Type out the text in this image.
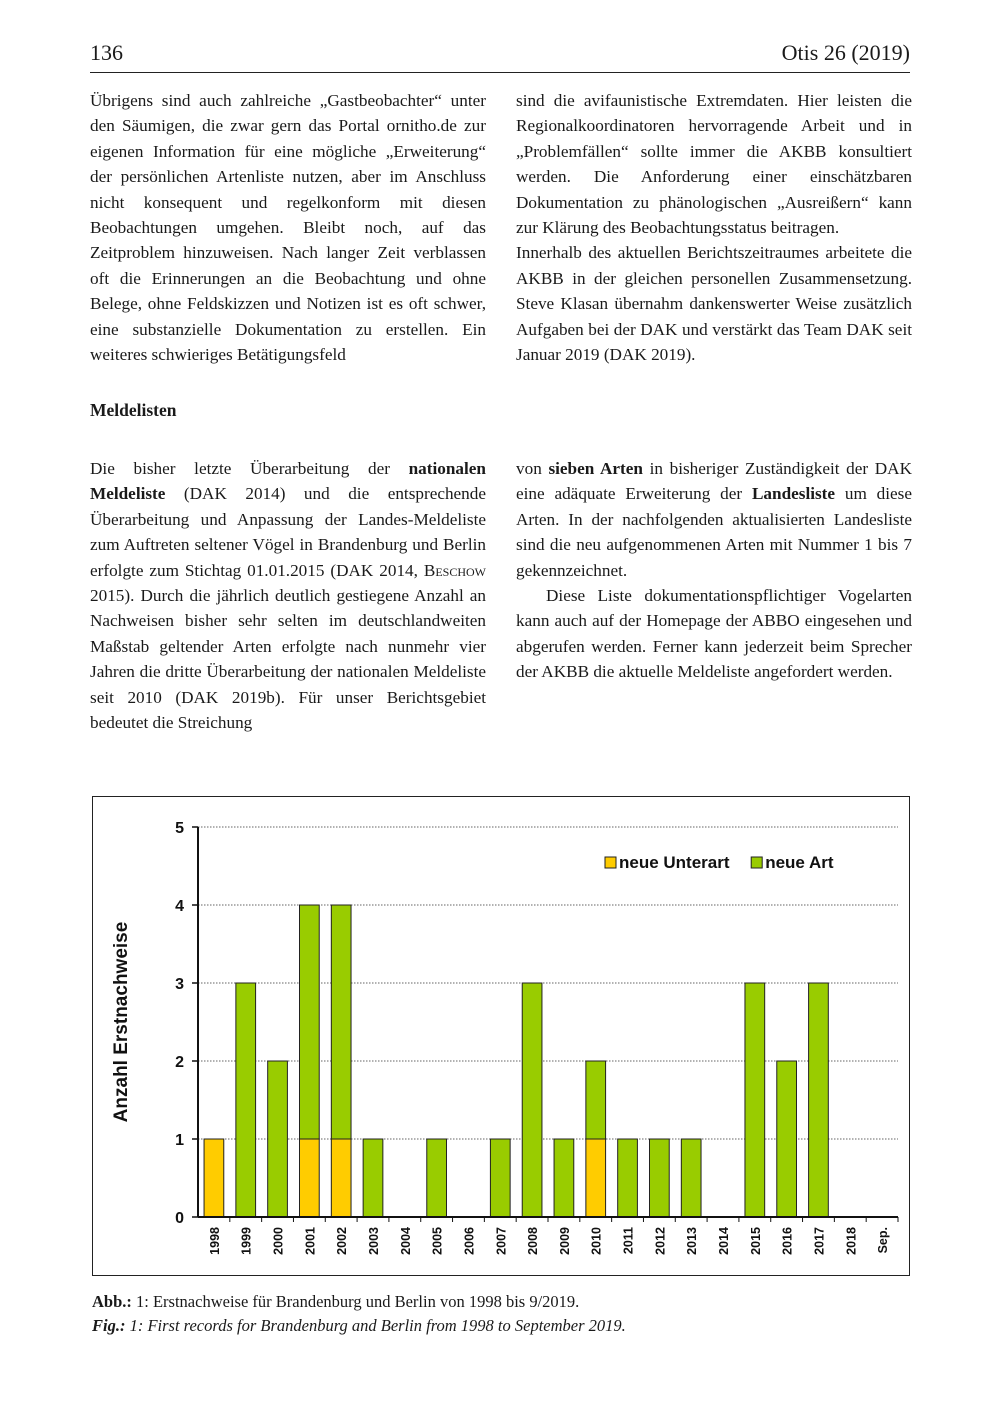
136	Otis 26 (2019)

Übrigens sind auch zahlreiche „Gastbeobachter“ unter den Säumigen, die zwar gern das Portal ornitho.de zur eigenen Information für eine mögliche „Erweiterung“ der persönlichen Artenliste nutzen, aber im Anschluss nicht konsequent und regelkonform mit diesen Beobachtungen umgehen. Bleibt noch, auf das Zeitproblem hinzuweisen. Nach langer Zeit verblassen oft die Erinnerungen an die Beobachtung und ohne Belege, ohne Feldskizzen und Notizen ist es oft schwer, eine substanzielle Dokumentation zu erstellen. Ein weiteres schwieriges Betätigungsfeld

sind die avifaunistische Extremdaten. Hier leisten die Regionalkoordinatoren hervorragende Arbeit und in „Problemfällen“ sollte immer die AKBB konsultiert werden. Die Anforderung einer einschätzbaren Dokumentation zu phänologischen „Ausreißern“ kann zur Klärung des Beobachtungsstatus beitragen.

Innerhalb des aktuellen Berichtszeitraumes arbeitete die AKBB in der gleichen personellen Zusammensetzung. Steve Klasan übernahm dankenswerter Weise zusätzlich Aufgaben bei der DAK und verstärkt das Team DAK seit Januar 2019 (DAK 2019).

Meldelisten

Die bisher letzte Überarbeitung der nationalen Meldeliste (DAK 2014) und die entsprechende Überarbeitung und Anpassung der Landes-Meldeliste zum Auftreten seltener Vögel in Brandenburg und Berlin erfolgte zum Stichtag 01.01.2015 (DAK 2014, Beschow 2015). Durch die jährlich deutlich gestiegene Anzahl an Nachweisen bisher sehr selten im deutschlandweiten Maßstab geltender Arten erfolgte nach nunmehr vier Jahren die dritte Überarbeitung der nationalen Meldeliste seit 2010 (DAK 2019b). Für unser Berichtsgebiet bedeutet die Streichung

von sieben Arten in bisheriger Zuständigkeit der DAK eine adäquate Erweiterung der Landesliste um diese Arten. In der nachfolgenden aktualisierten Landesliste sind die neu aufgenommenen Arten mit Nummer 1 bis 7 gekennzeichnet.

Diese Liste dokumentationspflichtiger Vogelarten kann auch auf der Homepage der ABBO eingesehen und abgerufen werden. Ferner kann jederzeit beim Sprecher der AKBB die aktuelle Meldeliste angefordert werden.

0
1
2
3
4
5
1998 1999 2000 2001 2002 2003 2004 2005 2006 2007 2008 2009 2010 2011 2012 2013 2014 2015 2016 2017 2018 Sep.
Anzahl Erstnachweise
neue Unterart neue Art
Abb.: 1: Erstnachweise für Brandenburg und Berlin von 1998 bis 9/2019.
Fig.: 1: First records for Brandenburg and Berlin from 1998 to September 2019.
